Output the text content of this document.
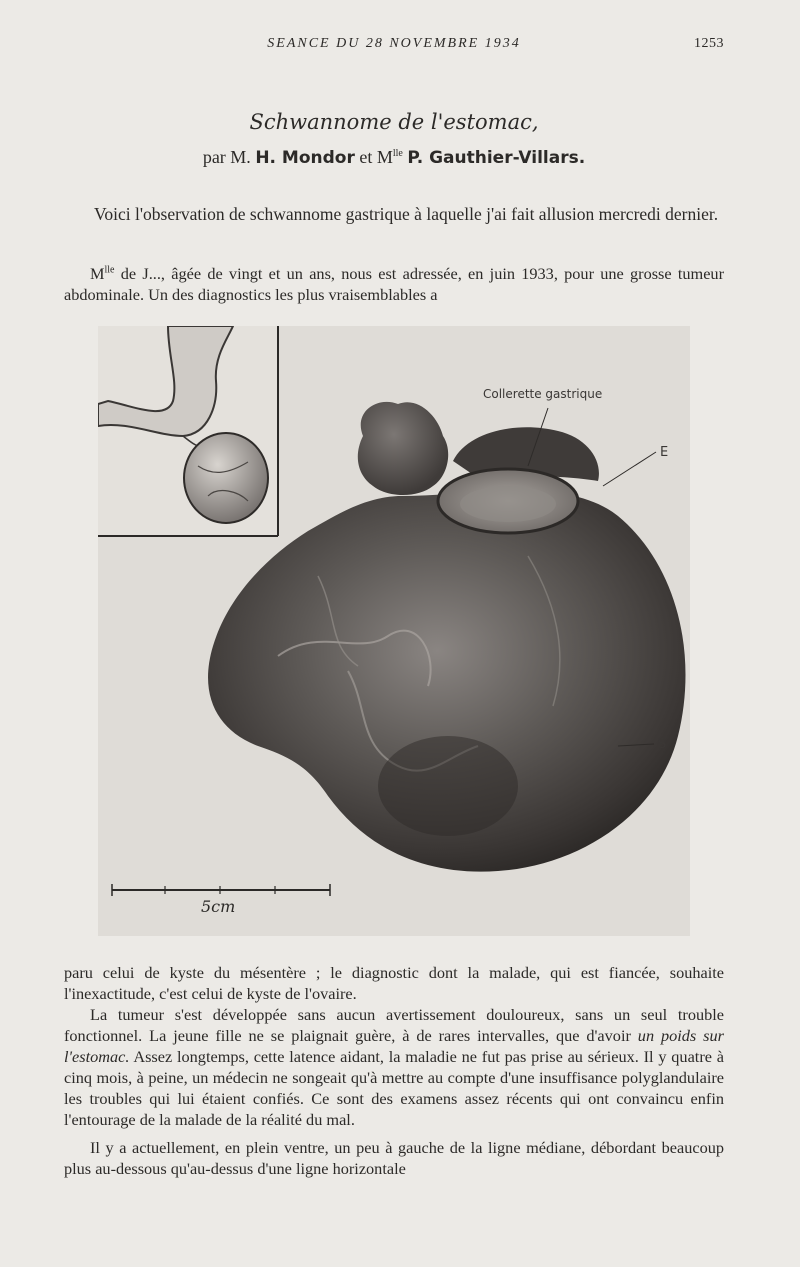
SEANCE DU 28 NOVEMBRE 1934	1253
Schwannome de l'estomac,
par M. H. Mondor et $M^{lle}$ P. Gauthier-Villars.

Voici l'observation de schwannome gastrique à laquelle j'ai fait allusion mercredi dernier.

$M^{lle}$ de J..., âgée de vingt et un ans, nous est adressée, en juin 1933, pour une grosse tumeur abdominale. Un des diagnostics les plus vraisemblables a

Collerette gastrique
E
S
5cm

paru celui de kyste du mésentère ; le diagnostic dont la malade, qui est fiancée, souhaite l'inexactitude, c'est celui de kyste de l'ovaire.

La tumeur s'est développée sans aucun avertissement douloureux, sans un seul trouble fonctionnel. La jeune fille ne se plaignait guère, à de rares intervalles, que d'avoir un poids sur l'estomac. Assez longtemps, cette latence aidant, la maladie ne fut pas prise au sérieux. Il y quatre à cinq mois, à peine, un médecin ne songeait qu'à mettre au compte d'une insuffisance polyglandulaire les troubles qui lui étaient confiés. Ce sont des examens assez récents qui ont convaincu enfin l'entourage de la malade de la réalité du mal.

Il y a actuellement, en plein ventre, un peu à gauche de la ligne médiane, débordant beaucoup plus au-dessous qu'au-dessus d'une ligne horizontale
